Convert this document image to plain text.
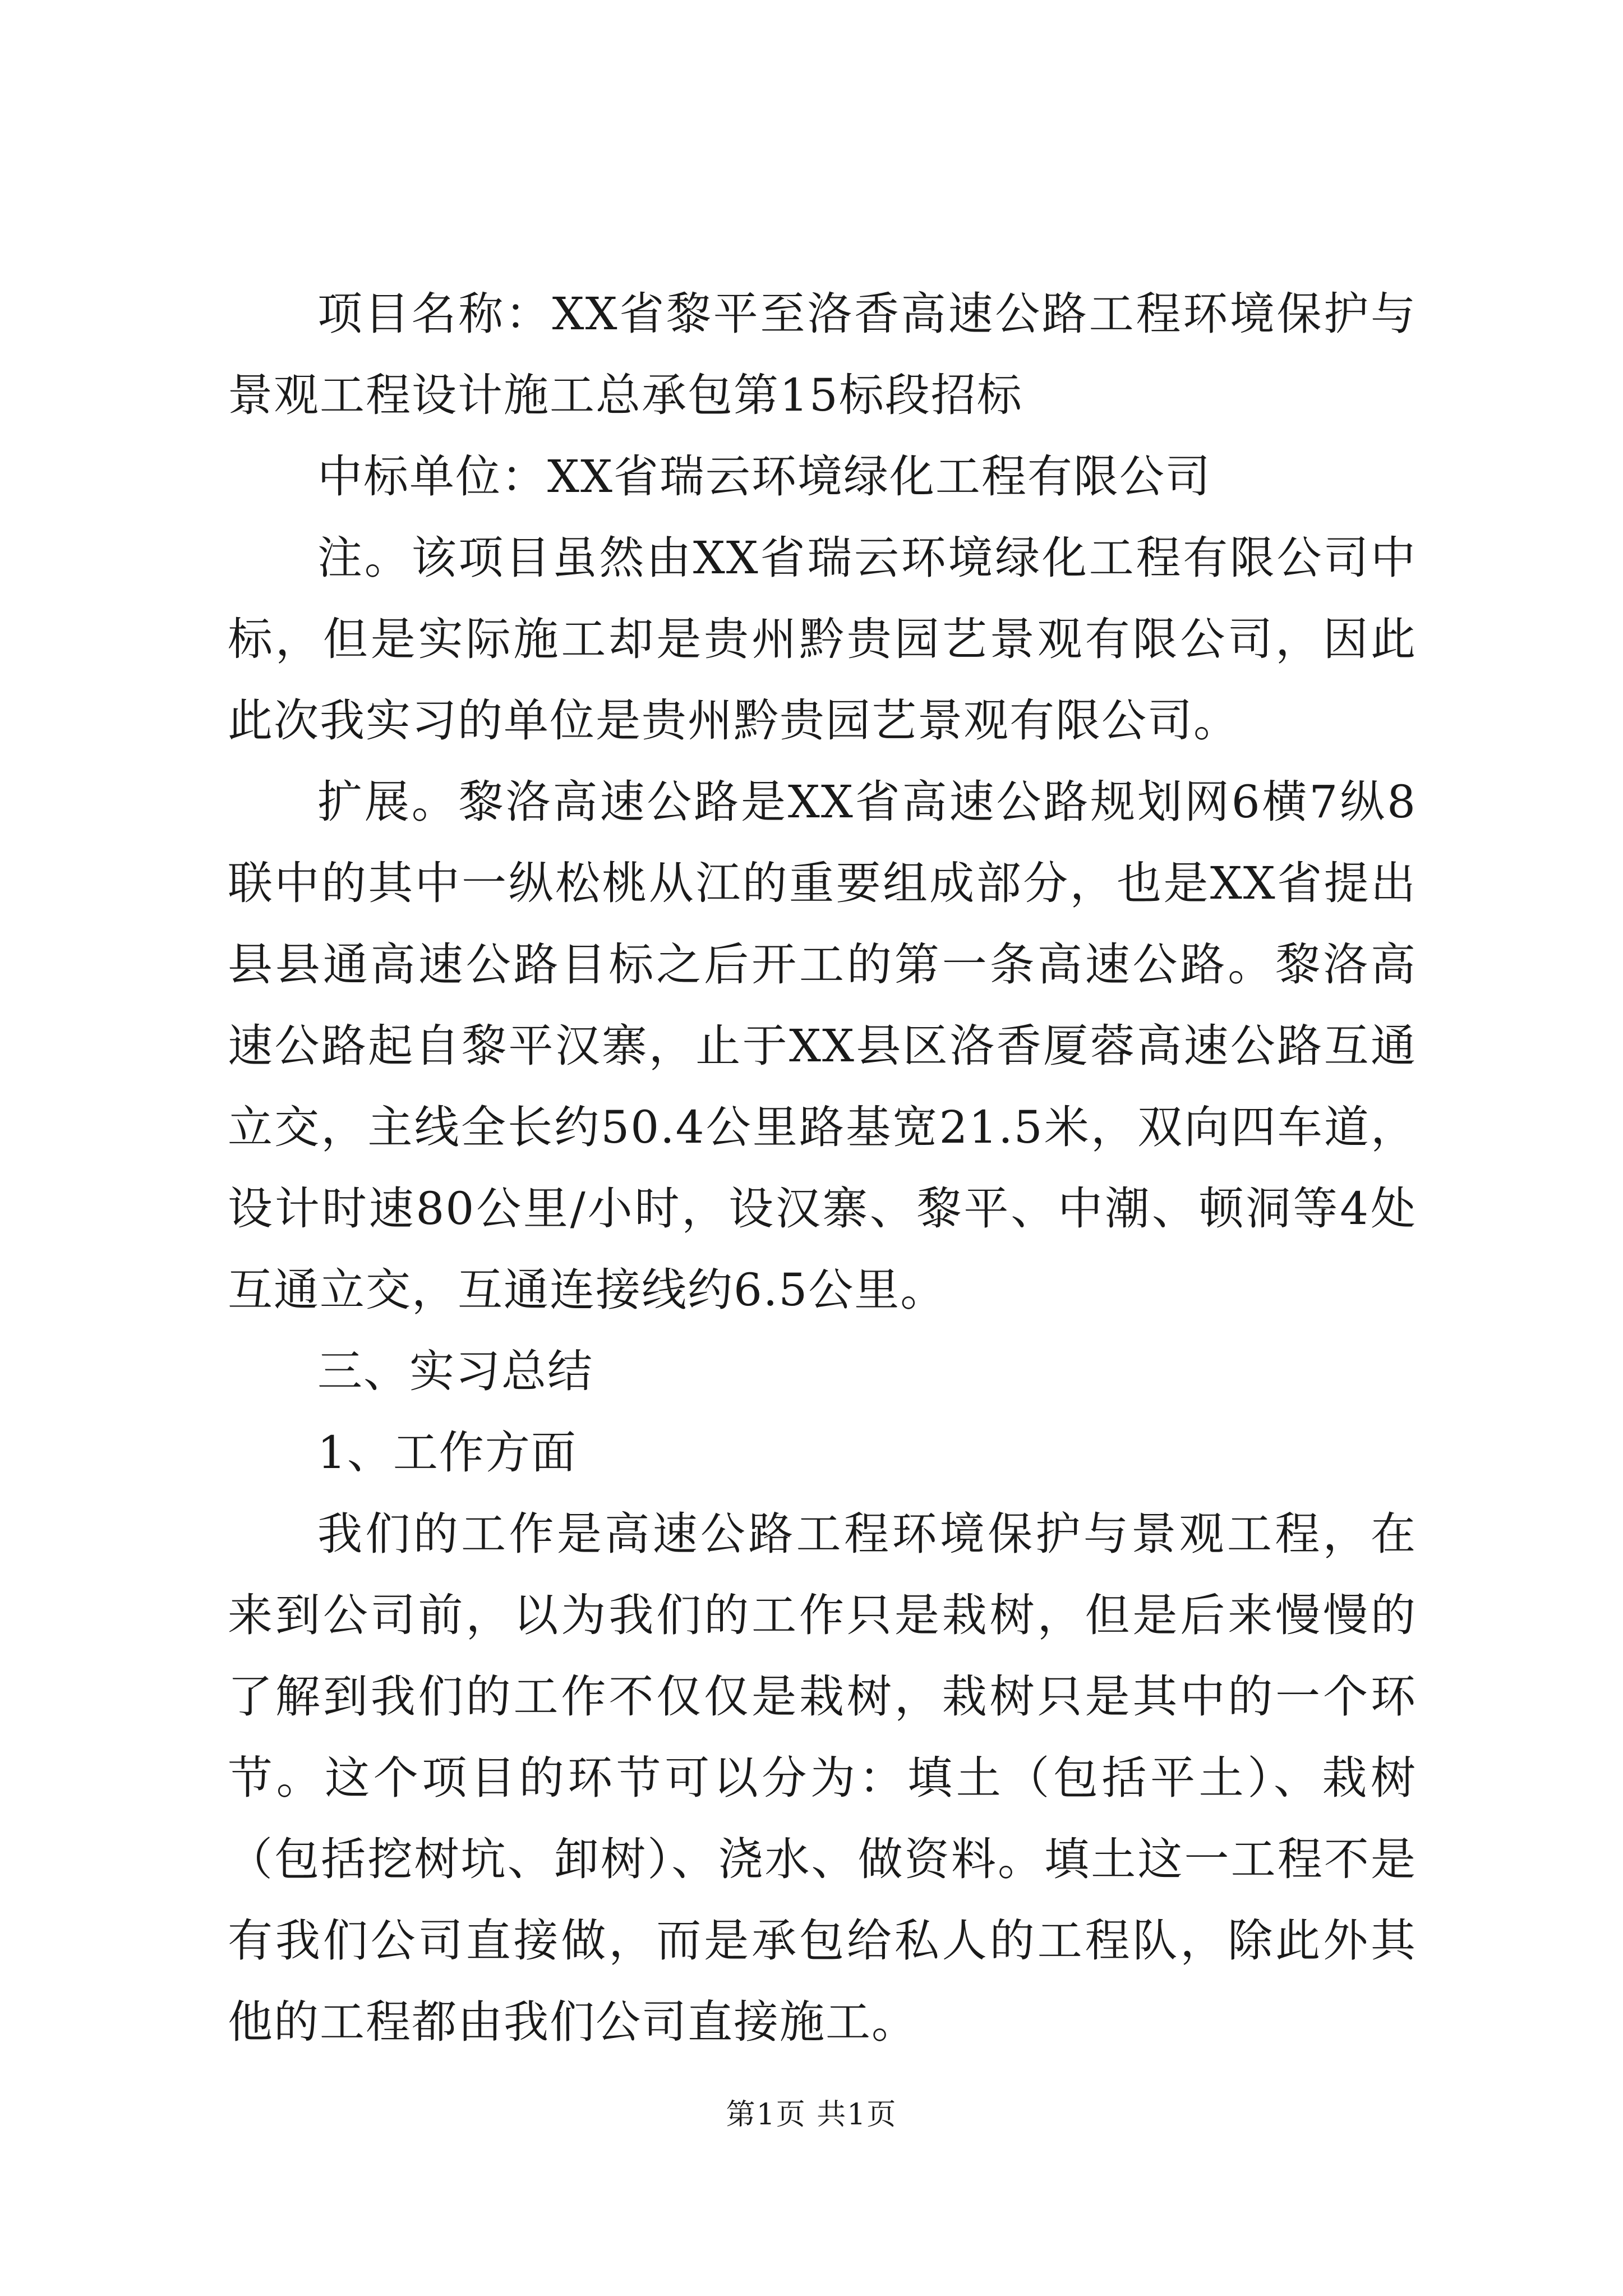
项目名称：XX省黎平至洛香高速公路工程环境保护与景观工程设计施工总承包第15标段招标

中标单位：XX省瑞云环境绿化工程有限公司

注。该项目虽然由XX省瑞云环境绿化工程有限公司中标，但是实际施工却是贵州黔贵园艺景观有限公司，因此此次我实习的单位是贵州黔贵园艺景观有限公司。

扩展。黎洛高速公路是XX省高速公路规划网6横7纵8联中的其中一纵松桃从江的重要组成部分，也是XX省提出县县通高速公路目标之后开工的第一条高速公路。黎洛高速公路起自黎平汉寨，止于XX县区洛香厦蓉高速公路互通立交，主线全长约50.4公里路基宽21.5米，双向四车道，设计时速80公里/小时，设汉寨、黎平、中潮、顿洞等4处互通立交，互通连接线约6.5公里。

三、实习总结

1、工作方面

我们的工作是高速公路工程环境保护与景观工程，在来到公司前，以为我们的工作只是栽树，但是后来慢慢的了解到我们的工作不仅仅是栽树，栽树只是其中的一个环节。这个项目的环节可以分为：填土（包括平土）、栽树（包括挖树坑、卸树）、浇水、做资料。填土这一工程不是有我们公司直接做，而是承包给私人的工程队，除此外其他的工程都由我们公司直接施工。

第1页 共1页
